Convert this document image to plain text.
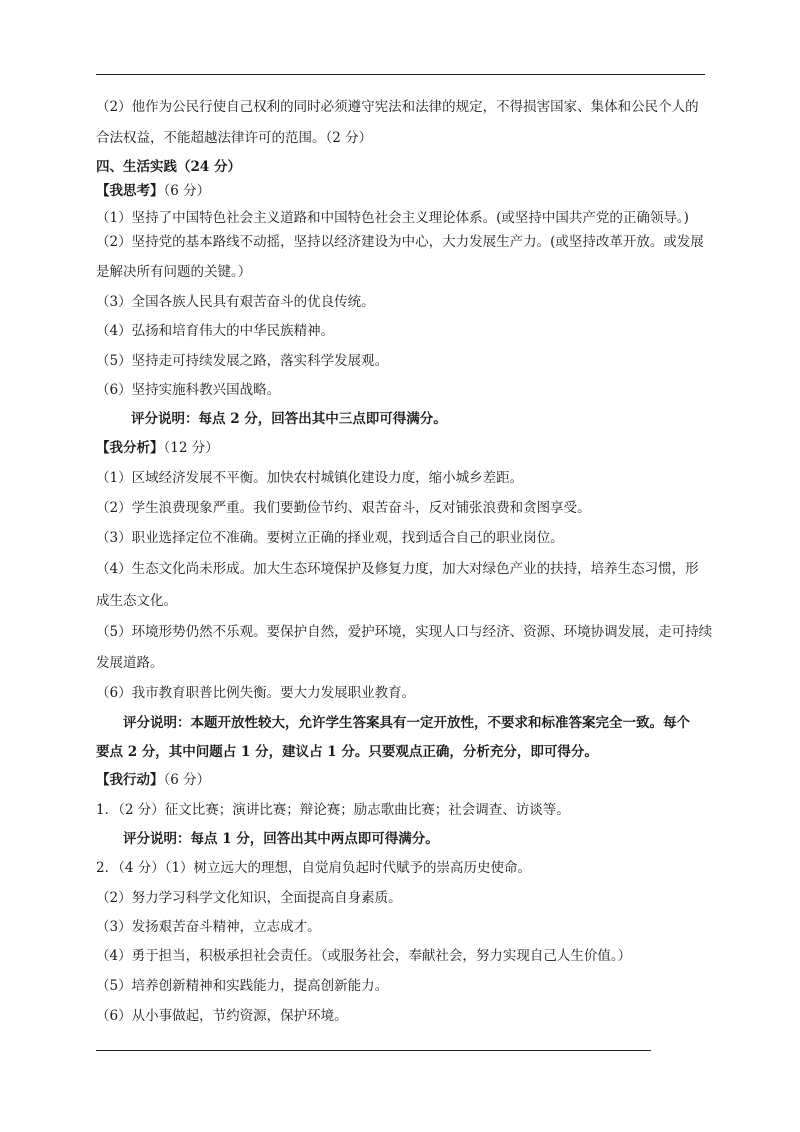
（2）他作为公民行使自己权利的同时必须遵守宪法和法律的规定，不得损害国家、集体和公民个人的
合法权益，不能超越法律许可的范围。（2 分）
四、生活实践（24 分）
【我思考】（6 分）
（1）坚持了中国特色社会主义道路和中国特色社会主义理论体系。(或坚持中国共产党的正确领导。)
（2）坚持党的基本路线不动摇，坚持以经济建设为中心，大力发展生产力。(或坚持改革开放。或发展
是解决所有问题的关键。）
（3）全国各族人民具有艰苦奋斗的优良传统。
（4）弘扬和培育伟大的中华民族精神。
（5）坚持走可持续发展之路，落实科学发展观。
（6）坚持实施科教兴国战略。
评分说明：每点 2 分，回答出其中三点即可得满分。
【我分析】（12 分）
（1）区域经济发展不平衡。加快农村城镇化建设力度，缩小城乡差距。
（2）学生浪费现象严重。我们要勤俭节约、艰苦奋斗，反对铺张浪费和贪图享受。
（3）职业选择定位不准确。要树立正确的择业观，找到适合自己的职业岗位。
（4）生态文化尚未形成。加大生态环境保护及修复力度，加大对绿色产业的扶持，培养生态习惯，形
成生态文化。
（5）环境形势仍然不乐观。要保护自然，爱护环境，实现人口与经济、资源、环境协调发展，走可持续
发展道路。
（6）我市教育职普比例失衡。要大力发展职业教育。
评分说明：本题开放性较大，允许学生答案具有一定开放性，不要求和标准答案完全一致。每个
要点 2 分，其中问题占 1 分，建议占 1 分。只要观点正确，分析充分，即可得分。
【我行动】（6 分）
1．（2 分）征文比赛；演讲比赛；辩论赛；励志歌曲比赛；社会调查、访谈等。
评分说明：每点 1 分，回答出其中两点即可得满分。
2．（4 分）（1）树立远大的理想，自觉肩负起时代赋予的崇高历史使命。
（2）努力学习科学文化知识，全面提高自身素质。
（3）发扬艰苦奋斗精神，立志成才。
（4）勇于担当，积极承担社会责任。（或服务社会，奉献社会，努力实现自己人生价值。）
（5）培养创新精神和实践能力，提高创新能力。
（6）从小事做起，节约资源，保护环境。
